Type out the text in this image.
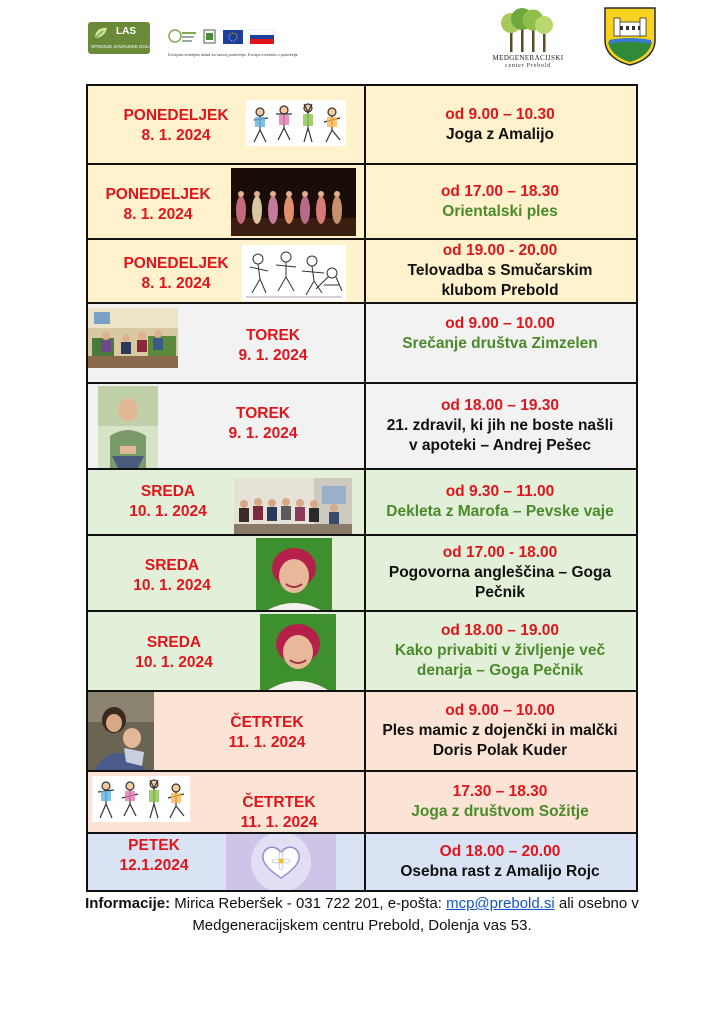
LAS
SPODNJE SAVINJSKE DOLINE
Evropski kmetijski sklad za razvoj podeželja: Evropa investira v podeželje	MEDGENERACIJSKI
center Prebold
PONEDELJEK
8. 1. 2024
od 9.00 – 10.30
Joga z Amalijo
PONEDELJEK
8. 1. 2024
od 17.00 – 18.30
Orientalski ples
PONEDELJEK
8. 1. 2024
od 19.00 - 20.00
Telovadba s Smučarskim
klubom Prebold
TOREK
9. 1. 2024
od 9.00 – 10.00
Srečanje društva Zimzelen
TOREK
9. 1. 2024
od 18.00 – 19.30
21. zdravil, ki jih ne boste našli
v apoteki – Andrej Pešec
SREDA
10. 1. 2024
od 9.30 – 11.00
Dekleta z Marofa – Pevske vaje
SREDA
10. 1. 2024
od 17.00 - 18.00
Pogovorna angleščina – Goga
Pečnik
SREDA
10. 1. 2024
od 18.00 – 19.00
Kako privabiti v življenje več
denarja – Goga Pečnik
ČETRTEK
11. 1. 2024
od 9.00 – 10.00
Ples mamic z dojenčki in malčki
Doris Polak Kuder
ČETRTEK
11. 1. 2024
17.30 – 18.30
Joga z društvom Sožitje
PETEK
12.1.2024
Od 18.00 – 20.00
Osebna rast z Amalijo Rojc
Informacije: Mirica Reberšek - 031 722 201, e-pošta: mcp@prebold.si ali osebno v
Medgeneracijskem centru Prebold, Dolenja vas 53.
